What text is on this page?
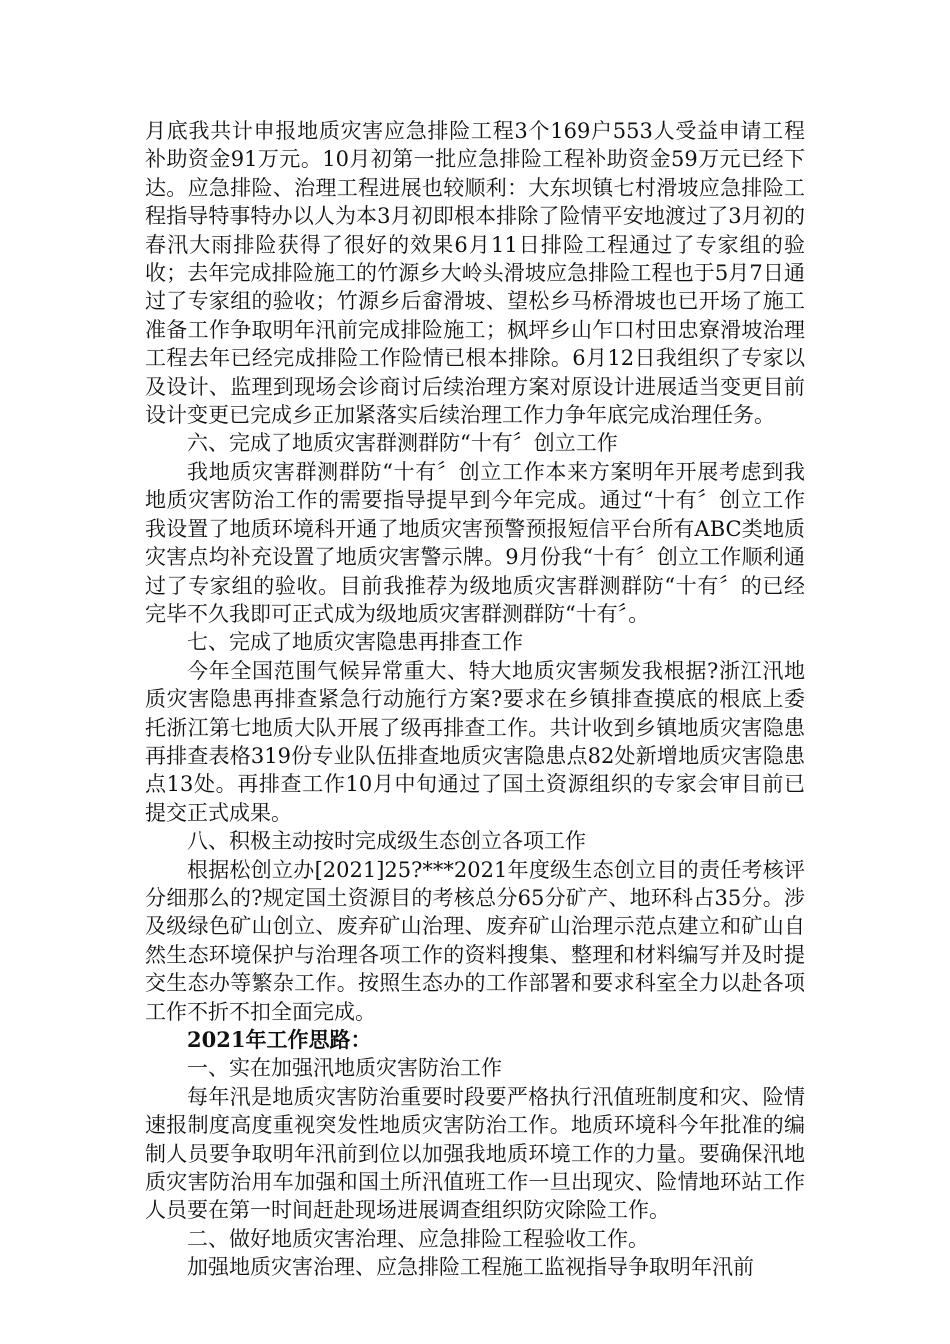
月底我共计申报地质灾害应急排险工程3个169户553人受益申请工程补助资金91万元。10月初第一批应急排险工程补助资金59万元已经下达。应急排险、治理工程进展也较顺利：大东坝镇七村滑坡应急排险工程指导特事特办以人为本3月初即根本排除了险情平安地渡过了3月初的春汛大雨排险获得了很好的效果6月11日排险工程通过了专家组的验收；去年完成排险施工的竹源乡大岭头滑坡应急排险工程也于5月7日通过了专家组的验收；竹源乡后畲滑坡、望松乡马桥滑坡也已开场了施工准备工作争取明年汛前完成排险施工；枫坪乡山乍口村田忠寮滑坡治理工程去年已经完成排险工作险情已根本排除。6月12日我组织了专家以及设计、监理到现场会诊商讨后续治理方案对原设计进展适当变更目前设计变更已完成乡正加紧落实后续治理工作力争年底完成治理任务。

六、完成了地质灾害群测群防“十有〞创立工作

我地质灾害群测群防“十有〞创立工作本来方案明年开展考虑到我地质灾害防治工作的需要指导提早到今年完成。通过“十有〞创立工作我设置了地质环境科开通了地质灾害预警预报短信平台所有ABC类地质灾害点均补充设置了地质灾害警示牌。9月份我“十有〞创立工作顺利通过了专家组的验收。目前我推荐为级地质灾害群测群防“十有〞的已经完毕不久我即可正式成为级地质灾害群测群防“十有〞。

七、完成了地质灾害隐患再排查工作

今年全国范围气候异常重大、特大地质灾害频发我根据?浙江汛地质灾害隐患再排查紧急行动施行方案?要求在乡镇排查摸底的根底上委托浙江第七地质大队开展了级再排查工作。共计收到乡镇地质灾害隐患再排查表格319份专业队伍排查地质灾害隐患点82处新增地质灾害隐患点13处。再排查工作10月中旬通过了国土资源组织的专家会审目前已提交正式成果。

八、积极主动按时完成级生态创立各项工作

根据松创立办[2021]25?***2021年度级生态创立目的责任考核评分细那么的?规定国土资源目的考核总分65分矿产、地环科占35分。涉及级绿色矿山创立、废弃矿山治理、废弃矿山治理示范点建立和矿山自然生态环境保护与治理各项工作的资料搜集、整理和材料编写并及时提交生态办等繁杂工作。按照生态办的工作部署和要求科室全力以赴各项工作不折不扣全面完成。

2021年工作思路：

一、实在加强汛地质灾害防治工作

每年汛是地质灾害防治重要时段要严格执行汛值班制度和灾、险情速报制度高度重视突发性地质灾害防治工作。地质环境科今年批准的编制人员要争取明年汛前到位以加强我地质环境工作的力量。要确保汛地质灾害防治用车加强和国土所汛值班工作一旦出现灾、险情地环站工作人员要在第一时间赶赴现场进展调查组织防灾除险工作。

二、做好地质灾害治理、应急排险工程验收工作。

加强地质灾害治理、应急排险工程施工监视指导争取明年汛前
